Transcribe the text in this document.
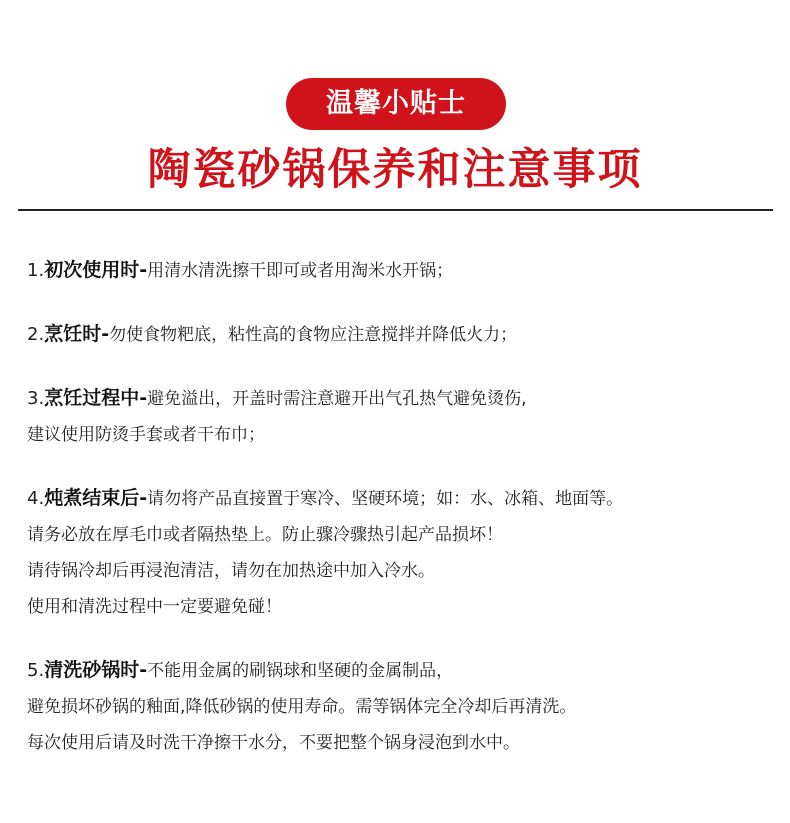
温馨小贴士
陶瓷砂锅保养和注意事项
1.初次使用时-用清水清洗擦干即可或者用淘米水开锅；
2.烹饪时-勿使食物粑底，粘性高的食物应注意搅拌并降低火力；
3.烹饪过程中-避免溢出，开盖时需注意避开出气孔热气避免烫伤,
建议使用防烫手套或者干布巾；
4.炖煮结束后-请勿将产品直接置于寒冷、坚硬环境；如：水、冰箱、地面等。
请务必放在厚毛巾或者隔热垫上。防止骤冷骤热引起产品损坏！
请待锅冷却后再浸泡清洁，请勿在加热途中加入冷水。
使用和清洗过程中一定要避免碰！
5.清洗砂锅时-不能用金属的刷锅球和坚硬的金属制品，
避免损坏砂锅的釉面,降低砂锅的使用寿命。需等锅体完全冷却后再清洗。
每次使用后请及时洗干净擦干水分，不要把整个锅身浸泡到水中。
